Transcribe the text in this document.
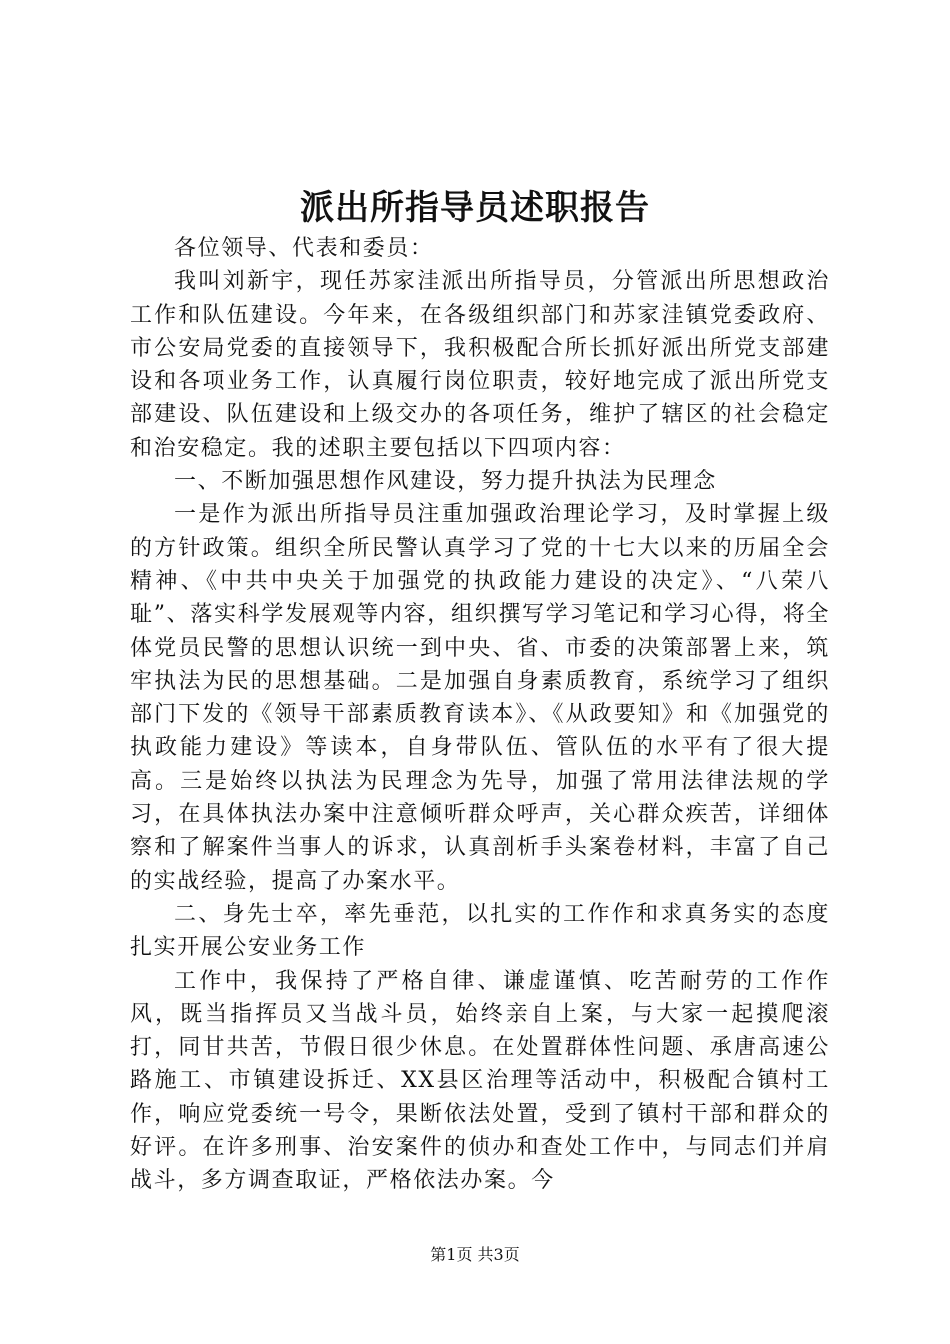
派出所指导员述职报告

各位领导、代表和委员：

我叫刘新宇，现任苏家洼派出所指导员，分管派出所思想政治工作和队伍建设。今年来，在各级组织部门和苏家洼镇党委政府、市公安局党委的直接领导下，我积极配合所长抓好派出所党支部建设和各项业务工作，认真履行岗位职责，较好地完成了派出所党支部建设、队伍建设和上级交办的各项任务，维护了辖区的社会稳定和治安稳定。我的述职主要包括以下四项内容：

一、不断加强思想作风建设，努力提升执法为民理念

一是作为派出所指导员注重加强政治理论学习，及时掌握上级的方针政策。组织全所民警认真学习了党的十七大以来的历届全会精神、《中共中央关于加强党的执政能力建设的决定》、“八荣八耻”、落实科学发展观等内容，组织撰写学习笔记和学习心得，将全体党员民警的思想认识统一到中央、省、市委的决策部署上来，筑牢执法为民的思想基础。二是加强自身素质教育，系统学习了组织部门下发的《领导干部素质教育读本》、《从政要知》和《加强党的执政能力建设》等读本，自身带队伍、管队伍的水平有了很大提高。三是始终以执法为民理念为先导，加强了常用法律法规的学习，在具体执法办案中注意倾听群众呼声，关心群众疾苦，详细体察和了解案件当事人的诉求，认真剖析手头案卷材料，丰富了自己的实战经验，提高了办案水平。

二、身先士卒，率先垂范，以扎实的工作作和求真务实的态度扎实开展公安业务工作

工作中，我保持了严格自律、谦虚谨慎、吃苦耐劳的工作作风，既当指挥员又当战斗员，始终亲自上案，与大家一起摸爬滚打，同甘共苦，节假日很少休息。在处置群体性问题、承唐高速公路施工、市镇建设拆迁、XX县区治理等活动中，积极配合镇村工作，响应党委统一号令，果断依法处置，受到了镇村干部和群众的好评。在许多刑事、治安案件的侦办和查处工作中，与同志们并肩战斗，多方调查取证，严格依法办案。今

第1页 共3页
